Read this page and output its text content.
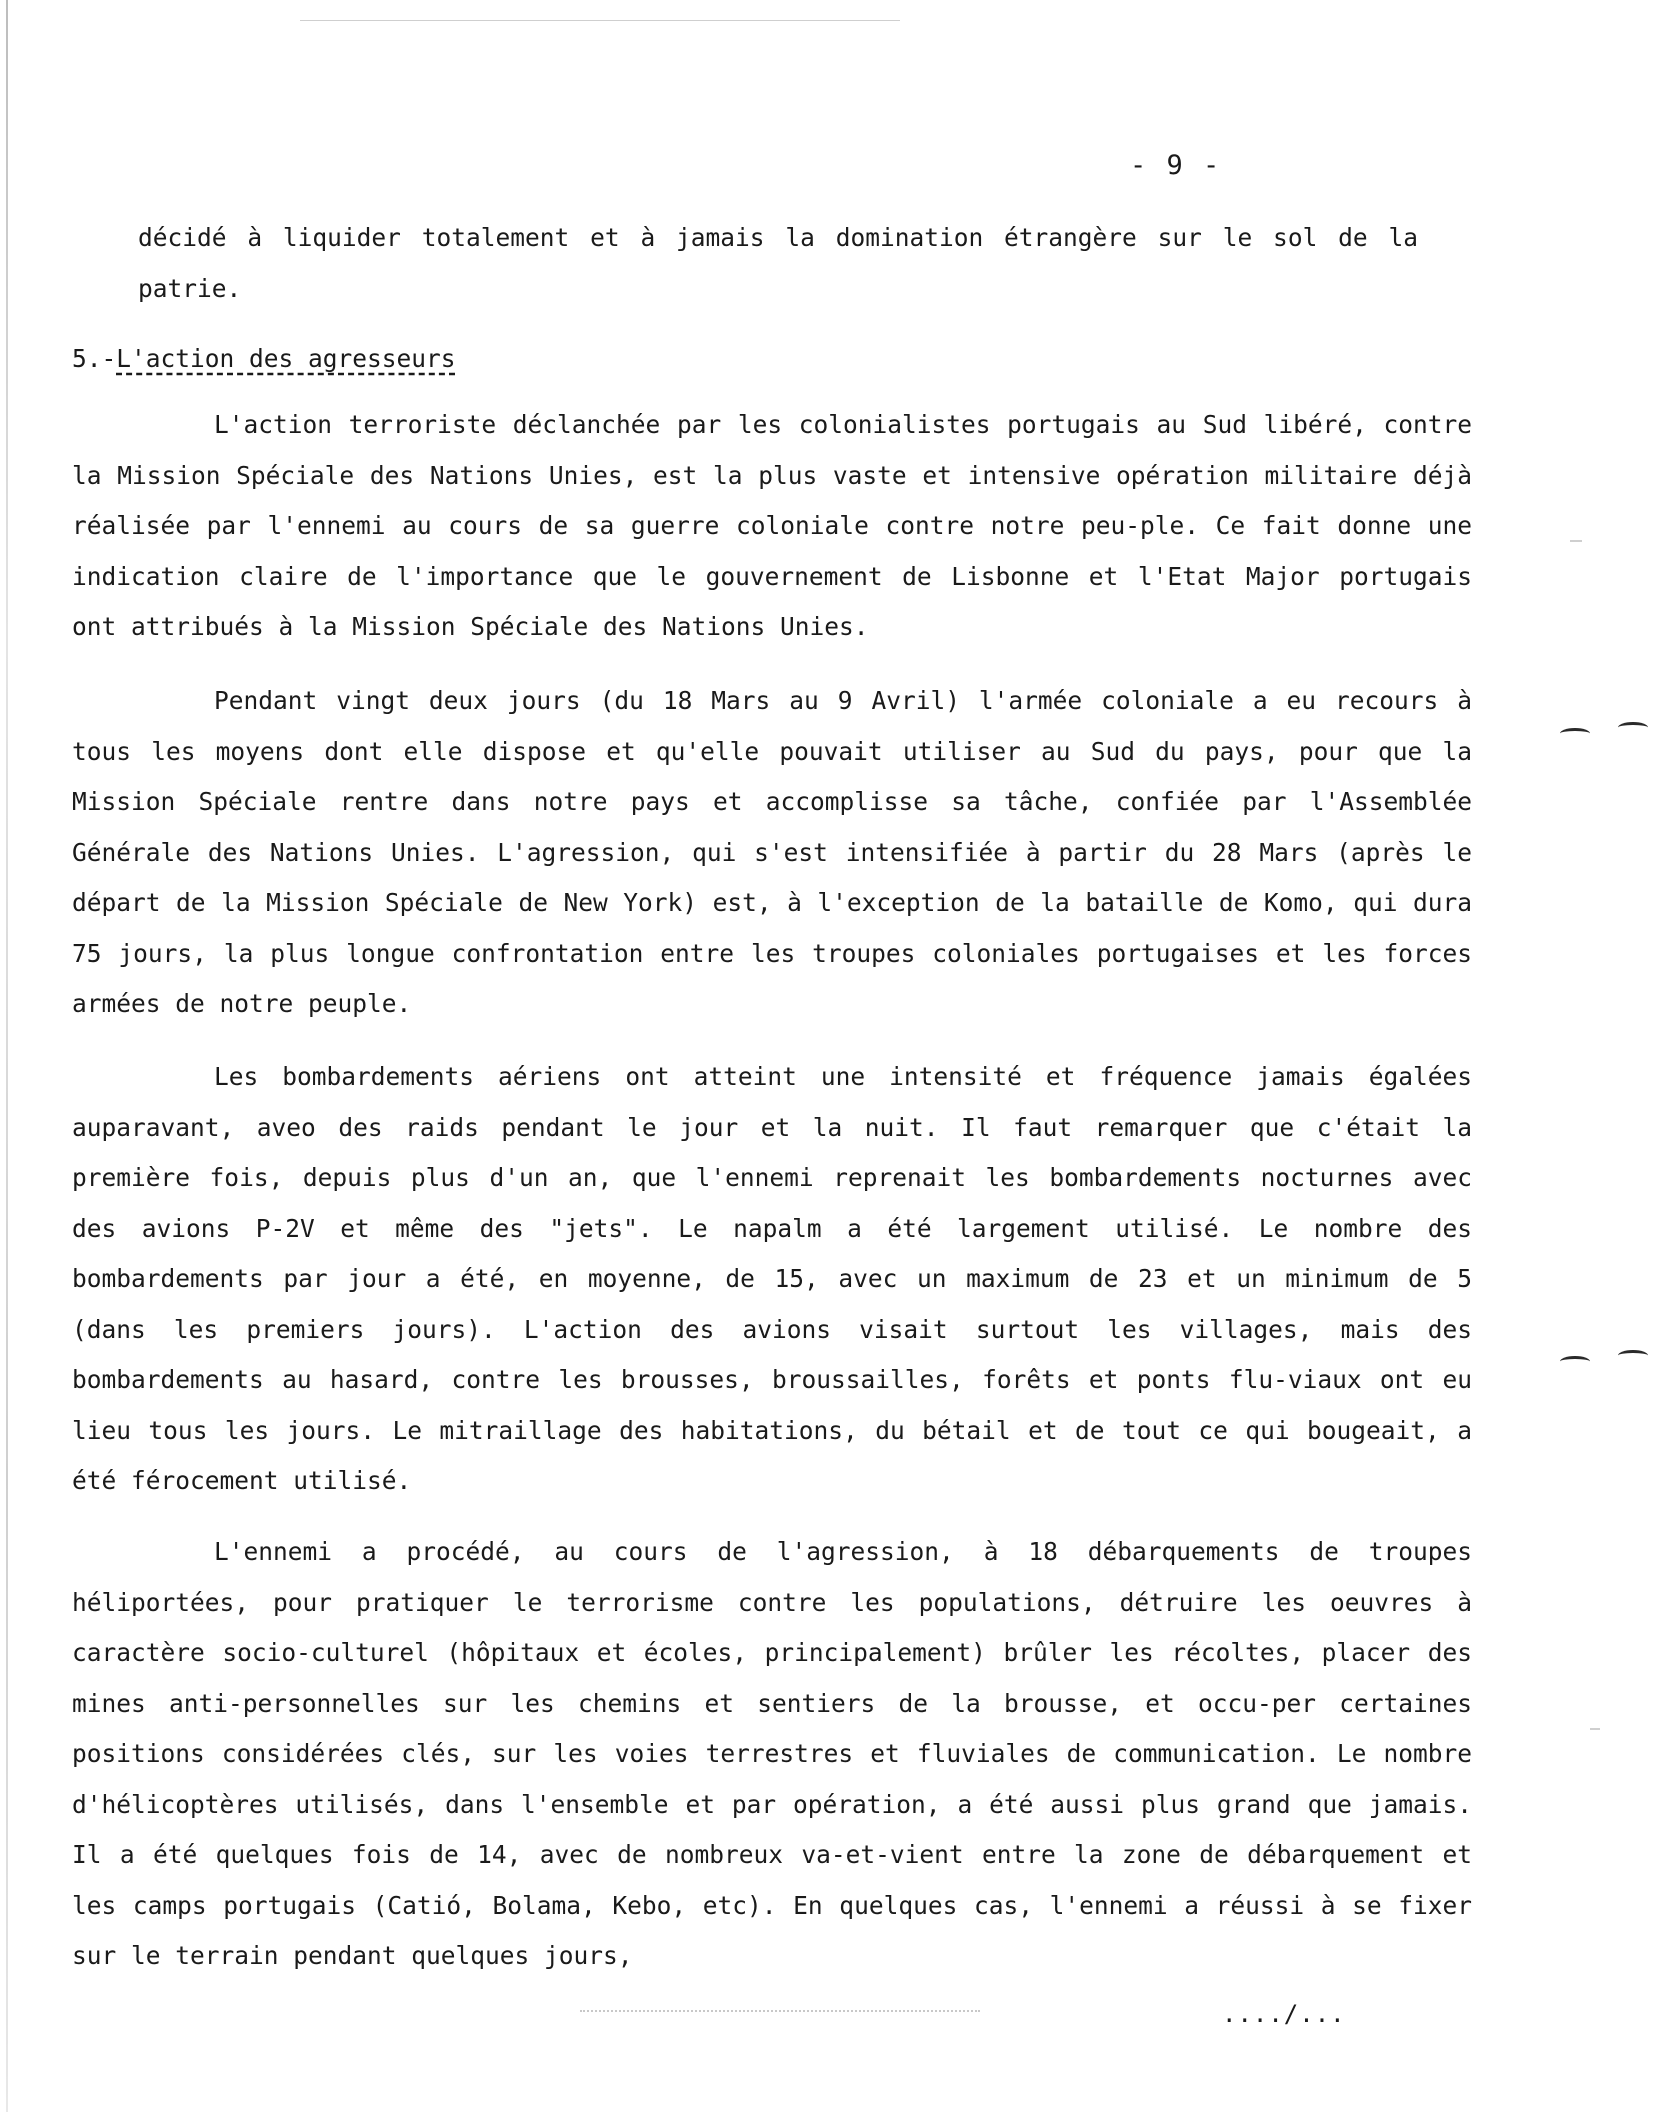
- 9 -

décidé à liquider totalement et à jamais la domination étrangère sur le sol de la patrie.

5.-L'action des agresseurs

L'action terroriste déclanchée par les colonialistes portugais au Sud libéré, contre la Mission Spéciale des Nations Unies, est la plus vaste et intensive opération militaire déjà réalisée par l'ennemi au cours de sa guerre coloniale contre notre peu-ple. Ce fait donne une indication claire de l'importance que le gouvernement de Lisbonne et l'Etat Major portugais ont attribués à la Mission Spéciale des Nations Unies.

Pendant vingt deux jours (du 18 Mars au 9 Avril) l'armée coloniale a eu recours à tous les moyens dont elle dispose et qu'elle pouvait utiliser au Sud du pays, pour que la Mission Spéciale rentre dans notre pays et accomplisse sa tâche, confiée par l'Assemblée Générale des Nations Unies. L'agression, qui s'est intensifiée à partir du 28 Mars (après le départ de la Mission Spéciale de New York) est, à l'exception de la bataille de Komo, qui dura 75 jours, la plus longue confrontation entre les troupes coloniales portugaises et les forces armées de notre peuple.

Les bombardements aériens ont atteint une intensité et fréquence jamais égalées auparavant, aveo des raids pendant le jour et la nuit. Il faut remarquer que c'était la première fois, depuis plus d'un an, que l'ennemi reprenait les bombardements nocturnes avec des avions P-2V et même des "jets". Le napalm a été largement utilisé. Le nombre des bombardements par jour a été, en moyenne, de 15, avec un maximum de 23 et un minimum de 5 (dans les premiers jours). L'action des avions visait surtout les villages, mais des bombardements au hasard, contre les brousses, broussailles, forêts et ponts flu-viaux ont eu lieu tous les jours. Le mitraillage des habitations, du bétail et de tout ce qui bougeait, a été férocement utilisé.

L'ennemi a procédé, au cours de l'agression, à 18 débarquements de troupes héliportées, pour pratiquer le terrorisme contre les populations, détruire les oeuvres à caractère socio-culturel (hôpitaux et écoles, principalement) brûler les récoltes, placer des mines anti-personnelles sur les chemins et sentiers de la brousse, et occu-per certaines positions considérées clés, sur les voies terrestres et fluviales de communication. Le nombre d'hélicoptères utilisés, dans l'ensemble et par opération, a été aussi plus grand que jamais. Il a été quelques fois de 14, avec de nombreux va-et-vient entre la zone de débarquement et les camps portugais (Catió, Bolama, Kebo, etc). En quelques cas, l'ennemi a réussi à se fixer sur le terrain pendant quelques jours,

..../...
